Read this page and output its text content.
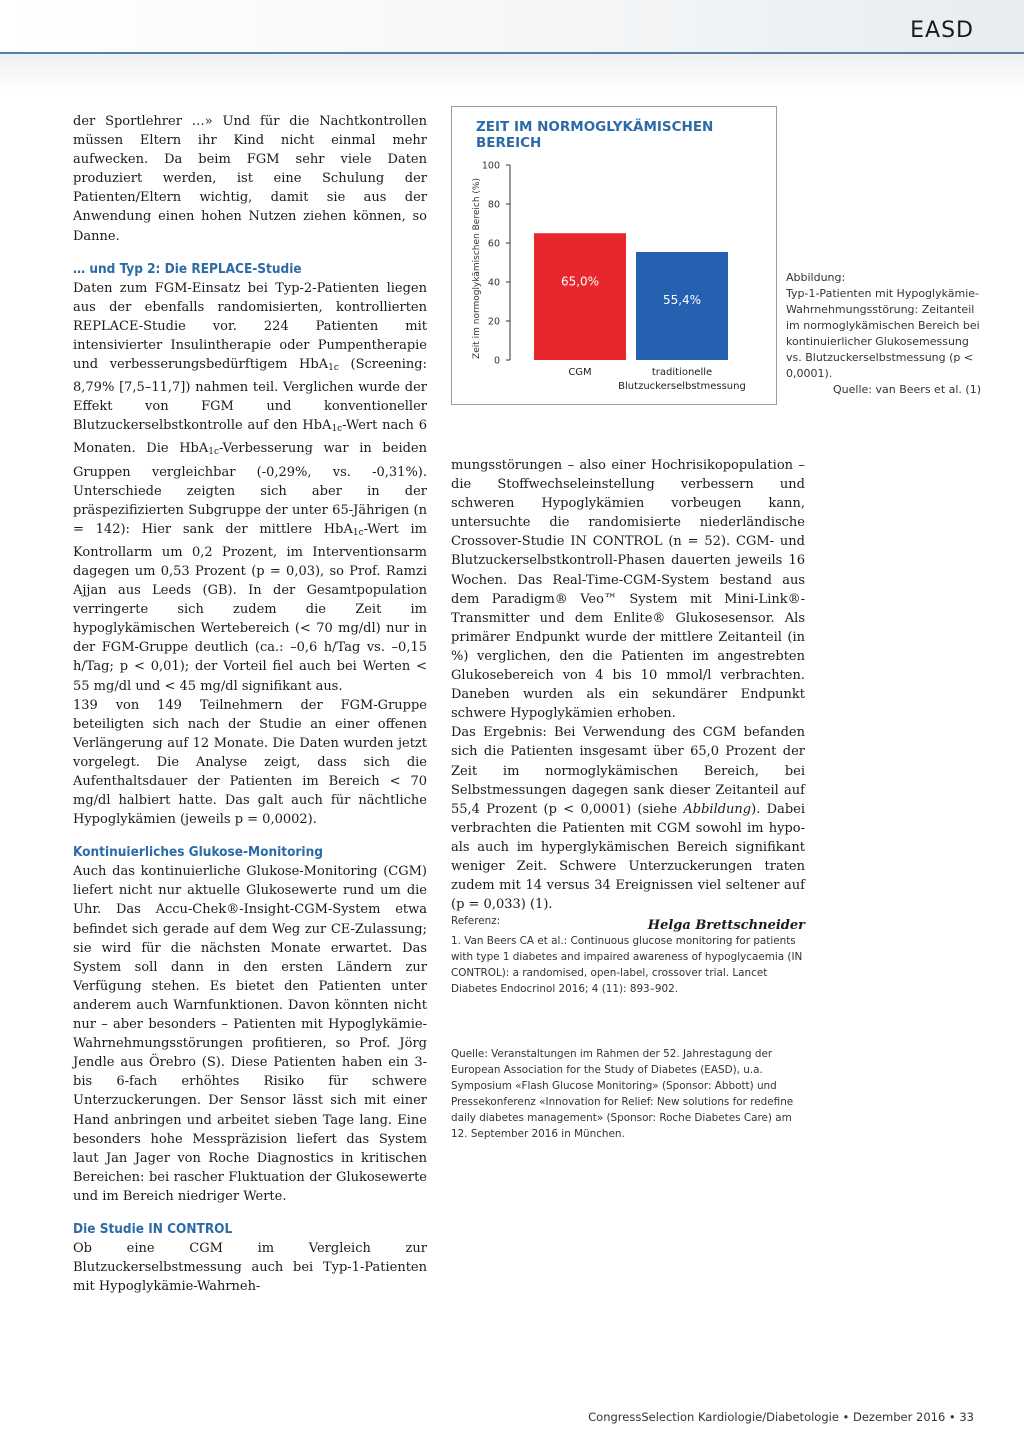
EASD

der Sportlehrer …» Und für die Nachtkontrollen müssen Eltern ihr Kind nicht einmal mehr aufwecken. Da beim FGM sehr viele Daten produziert werden, ist eine Schulung der Patienten/Eltern wichtig, damit sie aus der Anwendung einen hohen Nutzen ziehen können, so Danne.

… und Typ 2: Die REPLACE-Studie

Daten zum FGM-Einsatz bei Typ-2-Patienten liegen aus der ebenfalls randomisierten, kontrollierten REPLACE-Studie vor. 224 Patienten mit intensivierter Insulintherapie oder Pumpentherapie und verbesserungsbedürftigem HbA$_{1c}$ (Screening: 8,79% [7,5–11,7]) nahmen teil. Verglichen wurde der Effekt von FGM und konventioneller Blutzuckerselbstkontrolle auf den HbA$_{1c}$-Wert nach 6 Monaten. Die HbA$_{1c}$-Verbesserung war in beiden Gruppen vergleichbar (-0,29%, vs. -0,31%). Unterschiede zeigten sich aber in der präspezifizierten Subgruppe der unter 65-Jährigen (n = 142): Hier sank der mittlere HbA$_{1c}$-Wert im Kontrollarm um 0,2 Prozent, im Interventionsarm dagegen um 0,53 Prozent (p = 0,03), so Prof. Ramzi Ajjan aus Leeds (GB). In der Gesamtpopulation verringerte sich zudem die Zeit im hypoglykämischen Wertebereich (< 70 mg/dl) nur in der FGM-Gruppe deutlich (ca.: –0,6 h/Tag vs. –0,15 h/Tag; p < 0,01); der Vorteil fiel auch bei Werten < 55 mg/dl und < 45 mg/dl signifikant aus.

139 von 149 Teilnehmern der FGM-Gruppe beteiligten sich nach der Studie an einer offenen Verlängerung auf 12 Monate. Die Daten wurden jetzt vorgelegt. Die Analyse zeigt, dass sich die Aufenthaltsdauer der Patienten im Bereich < 70 mg/dl halbiert hatte. Das galt auch für nächtliche Hypoglykämien (jeweils p = 0,0002).

Kontinuierliches Glukose-Monitoring

Auch das kontinuierliche Glukose-Monitoring (CGM) liefert nicht nur aktuelle Glukosewerte rund um die Uhr. Das Accu-Chek®-Insight-CGM-System etwa befindet sich gerade auf dem Weg zur CE-Zulassung; sie wird für die nächsten Monate erwartet. Das System soll dann in den ersten Ländern zur Verfügung stehen. Es bietet den Patienten unter anderem auch Warnfunktionen. Davon könnten nicht nur – aber besonders – Patienten mit Hypoglykämie-Wahrnehmungsstörungen profitieren, so Prof. Jörg Jendle aus Örebro (S). Diese Patienten haben ein 3- bis 6-fach erhöhtes Risiko für schwere Unterzuckerungen. Der Sensor lässt sich mit einer Hand anbringen und arbeitet sieben Tage lang. Eine besonders hohe Messpräzision liefert das System laut Jan Jager von Roche Diagnostics in kritischen Bereichen: bei rascher Fluktuation der Glukosewerte und im Bereich niedriger Werte.

Die Studie IN CONTROL

Ob eine CGM im Vergleich zur Blutzuckerselbstmessung auch bei Typ-1-Patienten mit Hypoglykämie-Wahrneh-

ZEIT IM NORMOGLYKÄMISCHEN BEREICH
0
20
40
60
80
100
Zeit im normoglykämischen Bereich (%)	65,0%
CGM
55,4%
traditionelle Blutzuckerselbstmessung
Abbildung:
Typ-1-Patienten mit Hypoglykämie-Wahrnehmungsstörung: Zeitanteil im normoglykämischen Bereich bei kontinuierlicher Glukosemessung vs. Blutzuckerselbstmessung (p < 0,0001).
Quelle: van Beers et al. (1)

mungsstörungen – also einer Hochrisikopopulation – die Stoffwechseleinstellung verbessern und schweren Hypoglykämien vorbeugen kann, untersuchte die randomisierte niederländische Crossover-Studie IN CONTROL (n = 52). CGM- und Blutzuckerselbstkontroll-Phasen dauerten jeweils 16 Wochen. Das Real-Time-CGM-System bestand aus dem Paradigm® Veo™ System mit Mini-Link®-Transmitter und dem Enlite® Glukosesensor. Als primärer Endpunkt wurde der mittlere Zeitanteil (in %) verglichen, den die Patienten im angestrebten Glukosebereich von 4 bis 10 mmol/l verbrachten. Daneben wurden als ein sekundärer Endpunkt schwere Hypoglykämien erhoben.

Das Ergebnis: Bei Verwendung des CGM befanden sich die Patienten insgesamt über 65,0 Prozent der Zeit im normoglykämischen Bereich, bei Selbstmessungen dagegen sank dieser Zeitanteil auf 55,4 Prozent (p < 0,0001) (siehe Abbildung). Dabei verbrachten die Patienten mit CGM sowohl im hypo- als auch im hyperglykämischen Bereich signifikant weniger Zeit. Schwere Unterzuckerungen traten zudem mit 14 versus 34 Ereignissen viel seltener auf (p = 0,033) (1).

Helga Brettschneider
Referenz:
1. Van Beers CA et al.: Continuous glucose monitoring for patients with type 1 diabetes and impaired awareness of hypoglycaemia (IN CONTROL): a randomised, open-label, crossover trial. Lancet Diabetes Endocrinol 2016; 4 (11): 893–902.
Quelle: Veranstaltungen im Rahmen der 52. Jahrestagung der European Association for the Study of Diabetes (EASD), u.a. Symposium «Flash Glucose Monitoring» (Sponsor: Abbott) und Pressekonferenz «Innovation for Relief: New solutions for redefine daily diabetes management» (Sponsor: Roche Diabetes Care) am 12. September 2016 in München.
CongressSelection Kardiologie/Diabetologie • Dezember 2016 • 33
